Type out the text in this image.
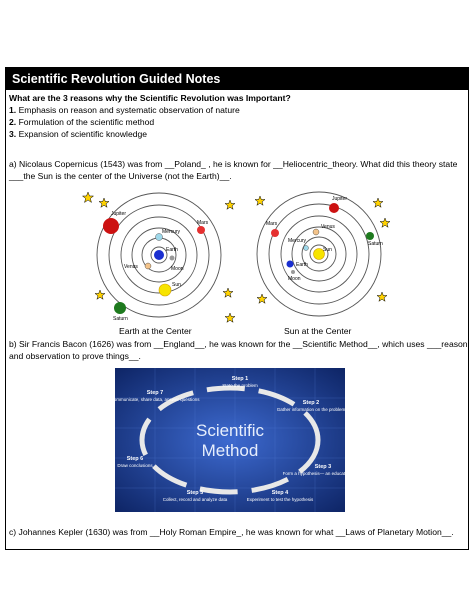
Scientific Revolution Guided Notes
What are the 3 reasons why the Scientific Revolution was Important?
1. Emphasis on reason and systematic observation of nature
2. Formulation of the scientific method
3. Expansion of scientific knowledge
a) Nicolaus Copernicus (1543) was from __Poland_ , he is known for __Heliocentric_theory. What did this theory state
___the Sun is the center of the Universe (not the Earth)__.
Jupiter
Mercury
Mars
Earth
Venus	Moon
Sun
Saturn
Earth at the Center
Jupiter
Mars	Venus
Mercury	Saturn
Sun
Earth
Moon
Sun at the Center
b) Sir Francis Bacon (1626) was from __England__, he was known for the __Scientific Method__, which uses ___reason
and observation to prove things__.
Scientific
Method
Step 1
State the problem
Step 2
Gather information on the problem
Step 3
Form a hypothesis— an educated guess
Step 4
Experiment to test the hypothesis
Step 5
Collect, record and analyze data
Step 6
Draw conclusions
Step 7
Communicate, share data, answer questions
c) Johannes Kepler (1630) was from __Holy Roman Empire_, he was known for what __Laws of Planetary Motion__.
